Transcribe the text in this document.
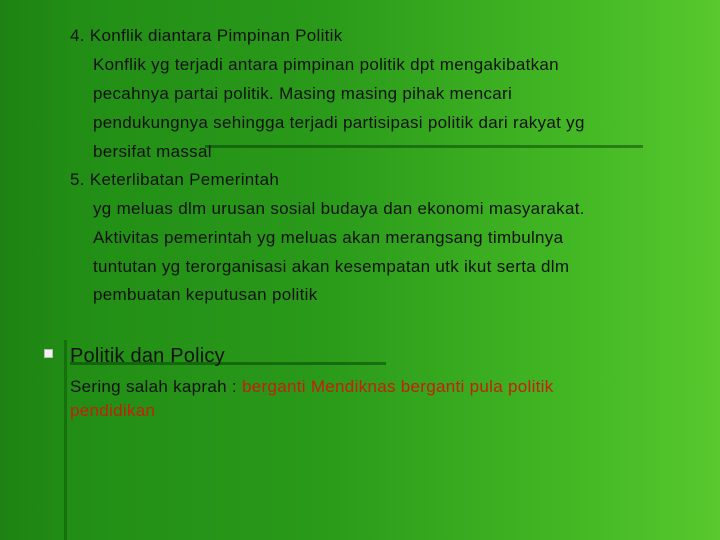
4. Konflik diantara Pimpinan Politik
Konflik yg terjadi antara pimpinan politik dpt mengakibatkan
pecahnya partai politik. Masing masing pihak mencari
pendukungnya sehingga terjadi partisipasi politik dari rakyat yg
bersifat massal
5. Keterlibatan Pemerintah
yg meluas dlm urusan sosial budaya dan ekonomi masyarakat.
Aktivitas pemerintah yg meluas akan merangsang timbulnya
tuntutan yg terorganisasi akan kesempatan utk ikut serta dlm
pembuatan keputusan politik
Politik dan Policy
Sering salah kaprah : berganti Mendiknas berganti pula politik
pendidikan
